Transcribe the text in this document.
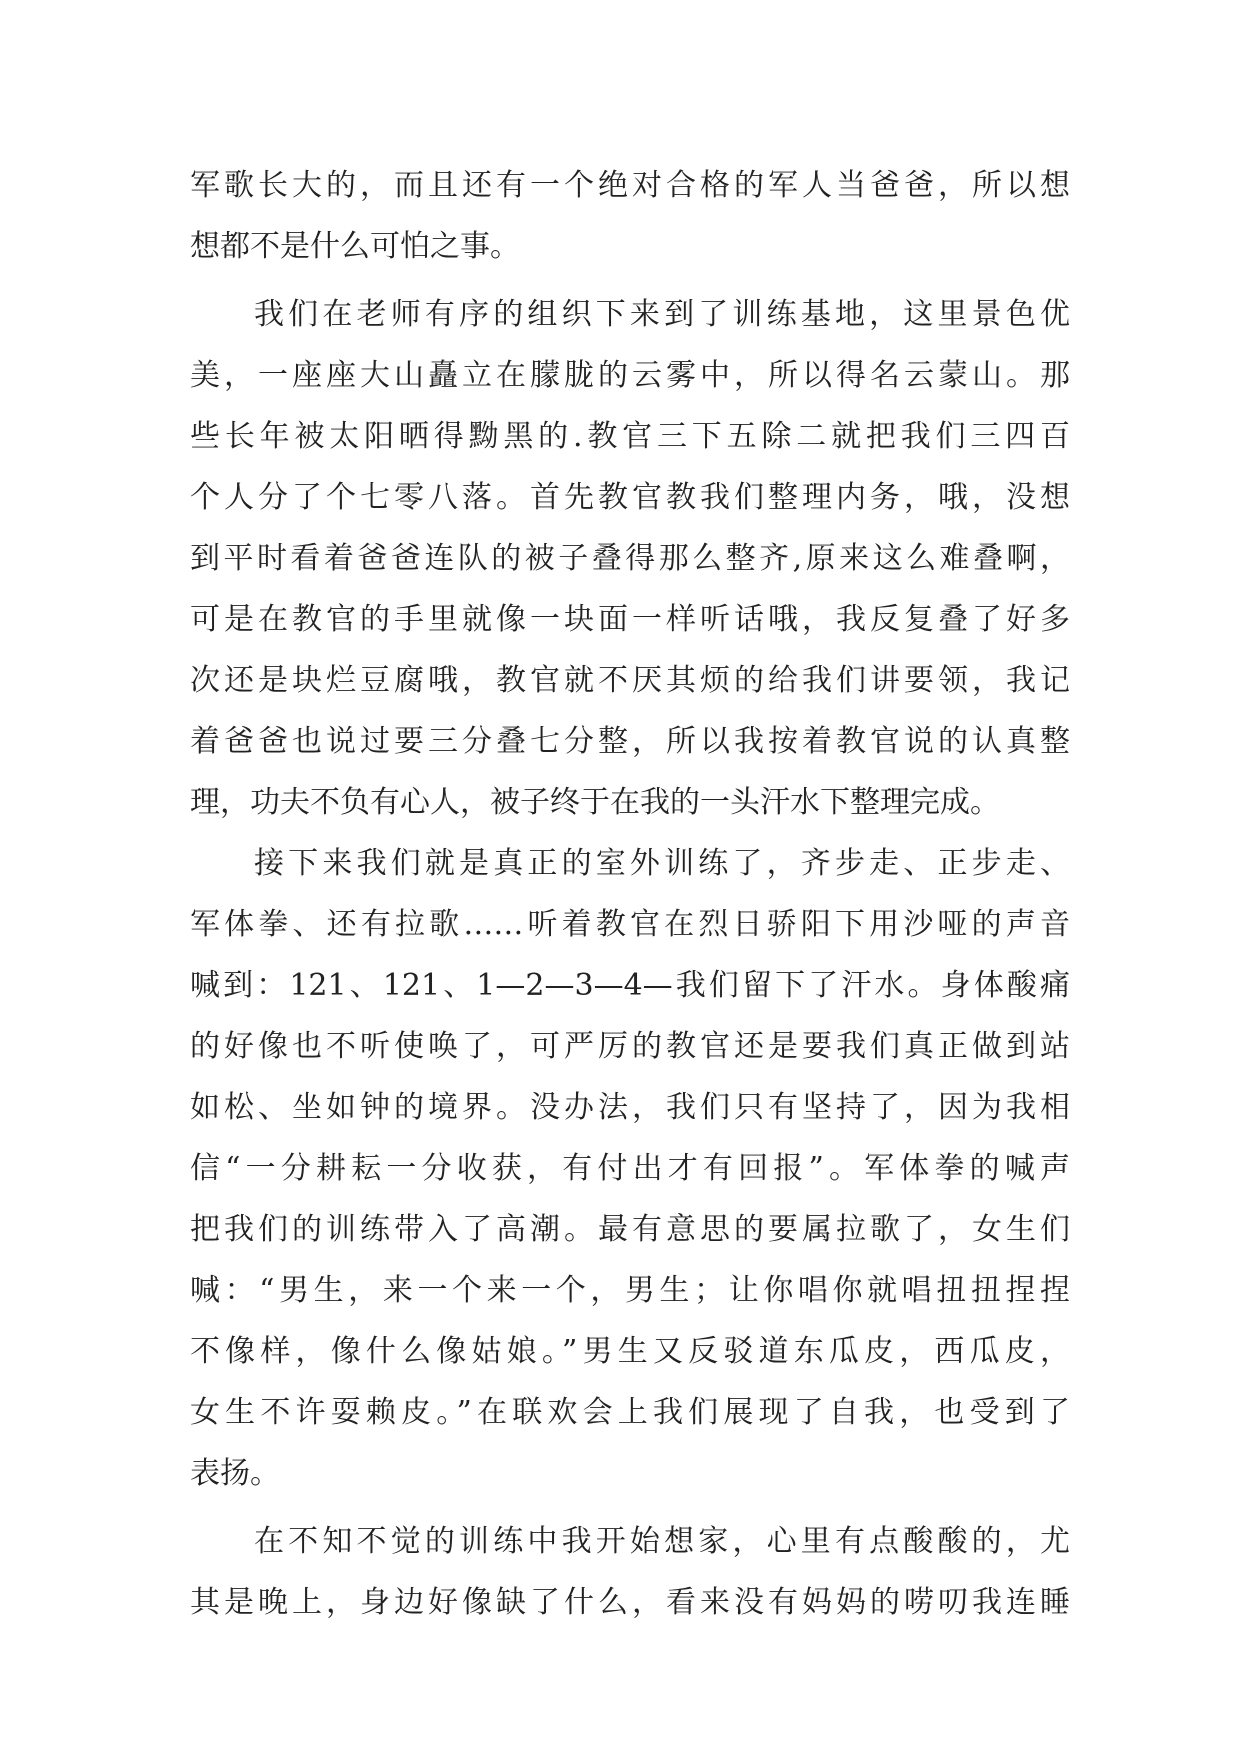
军歌长大的，而且还有一个绝对合格的军人当爸爸，所以想
想都不是什么可怕之事。
我们在老师有序的组织下来到了训练基地，这里景色优
美，一座座大山矗立在朦胧的云雾中，所以得名云蒙山。那
些长年被太阳晒得黝黑的.教官三下五除二就把我们三四百
个人分了个七零八落。首先教官教我们整理内务，哦，没想
到平时看着爸爸连队的被子叠得那么整齐,原来这么难叠啊，
可是在教官的手里就像一块面一样听话哦，我反复叠了好多
次还是块烂豆腐哦，教官就不厌其烦的给我们讲要领，我记
着爸爸也说过要三分叠七分整，所以我按着教官说的认真整
理，功夫不负有心人，被子终于在我的一头汗水下整理完成。
接下来我们就是真正的室外训练了，齐步走、正步走、
军体拳、还有拉歌……听着教官在烈日骄阳下用沙哑的声音
喊到：121、121、1—2—3—4—我们留下了汗水。身体酸痛
的好像也不听使唤了，可严厉的教官还是要我们真正做到站
如松、坐如钟的境界。没办法，我们只有坚持了，因为我相
信“一分耕耘一分收获，有付出才有回报”。军体拳的喊声
把我们的训练带入了高潮。最有意思的要属拉歌了，女生们
喊：“男生，来一个来一个，男生；让你唱你就唱扭扭捏捏
不像样，像什么像姑娘。”男生又反驳道东瓜皮，西瓜皮，
女生不许耍赖皮。”在联欢会上我们展现了自我，也受到了
表扬。
在不知不觉的训练中我开始想家，心里有点酸酸的，尤
其是晚上，身边好像缺了什么，看来没有妈妈的唠叨我连睡
